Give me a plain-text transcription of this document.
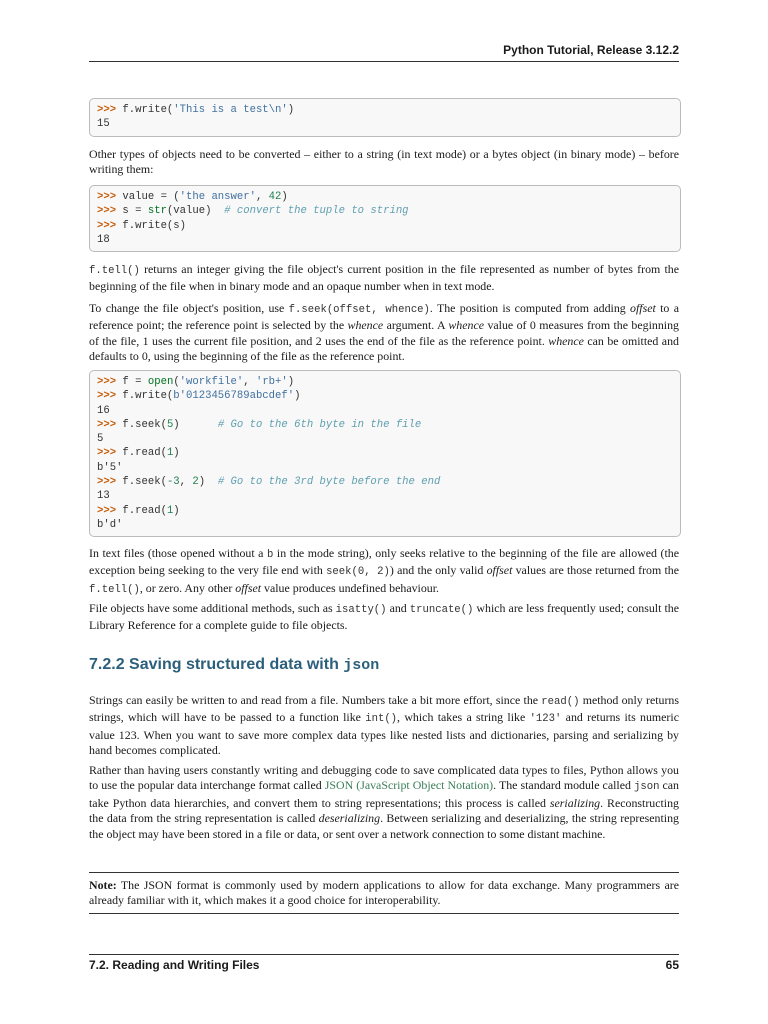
Python Tutorial, Release 3.12.2
>>> f.write('This is a test\n')
15
Other types of objects need to be converted – either to a string (in text mode) or a bytes object (in binary mode) – before writing them:
>>> value = ('the answer', 42)
>>> s = str(value)  # convert the tuple to string
>>> f.write(s)
18
f.tell() returns an integer giving the file object's current position in the file represented as number of bytes from the beginning of the file when in binary mode and an opaque number when in text mode.
To change the file object's position, use f.seek(offset, whence). The position is computed from adding offset to a reference point; the reference point is selected by the whence argument. A whence value of 0 measures from the beginning of the file, 1 uses the current file position, and 2 uses the end of the file as the reference point. whence can be omitted and defaults to 0, using the beginning of the file as the reference point.
>>> f = open('workfile', 'rb+')
>>> f.write(b'0123456789abcdef')
16
>>> f.seek(5)      # Go to the 6th byte in the file
5
>>> f.read(1)
b'5'
>>> f.seek(-3, 2)  # Go to the 3rd byte before the end
13
>>> f.read(1)
b'd'
In text files (those opened without a b in the mode string), only seeks relative to the beginning of the file are allowed (the exception being seeking to the very file end with seek(0, 2)) and the only valid offset values are those returned from the f.tell(), or zero. Any other offset value produces undefined behaviour.
File objects have some additional methods, such as isatty() and truncate() which are less frequently used; consult the Library Reference for a complete guide to file objects.
7.2.2 Saving structured data with json
Strings can easily be written to and read from a file. Numbers take a bit more effort, since the read() method only returns strings, which will have to be passed to a function like int(), which takes a string like '123' and returns its numeric value 123. When you want to save more complex data types like nested lists and dictionaries, parsing and serializing by hand becomes complicated.
Rather than having users constantly writing and debugging code to save complicated data types to files, Python allows you to use the popular data interchange format called JSON (JavaScript Object Notation). The standard module called json can take Python data hierarchies, and convert them to string representations; this process is called serializing. Reconstructing the data from the string representation is called deserializing. Between serializing and deserializing, the string representing the object may have been stored in a file or data, or sent over a network connection to some distant machine.
Note: The JSON format is commonly used by modern applications to allow for data exchange. Many programmers are already familiar with it, which makes it a good choice for interoperability.
7.2. Reading and Writing Files	65
